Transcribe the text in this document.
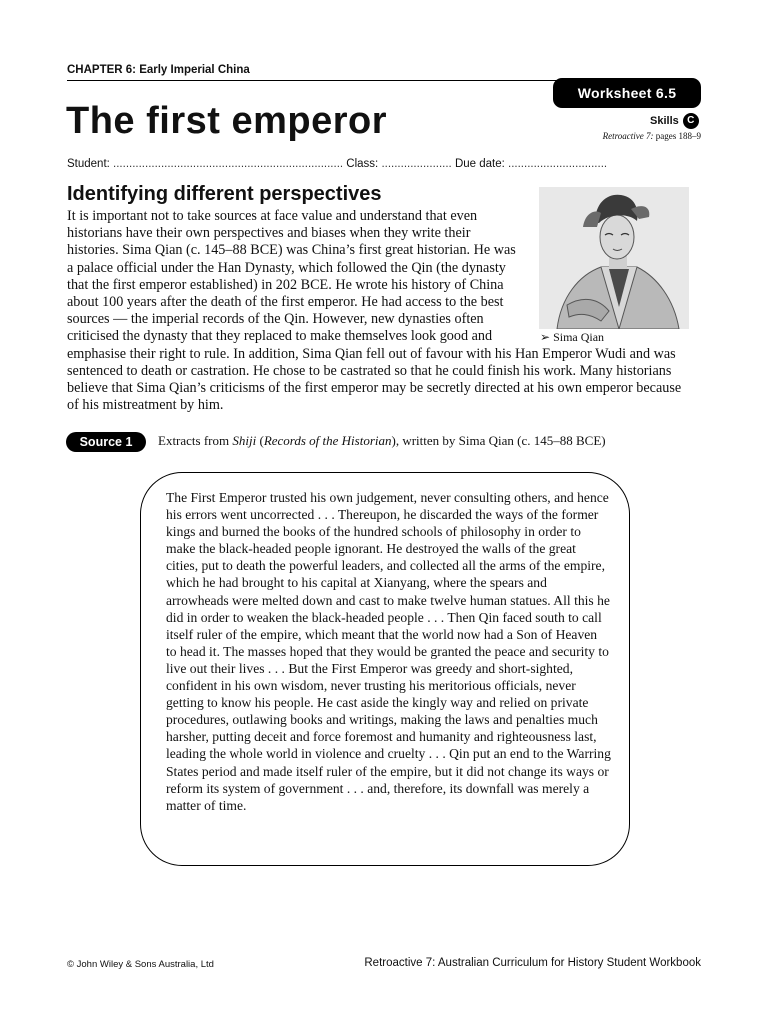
CHAPTER 6: Early Imperial China
Worksheet 6.5
The first emperor	Skills C
Retroactive 7: pages 188–9
Student: ........................................................................ Class: ...................... Due date: ...............................
Identifying different perspectives

It is important not to take sources at face value and understand that even historians have their own perspectives and biases when they write their histories. Sima Qian (c. 145–88 BCE) was China’s first great historian. He was a palace official under the Han Dynasty, which followed the Qin (the dynasty that the first emperor established) in 202 BCE. He wrote his history of China about 100 years after the death of the first emperor. He had access to the best sources — the imperial records of the Qin. However, new dynasties often criticised the dynasty that they replaced to make themselves look good and emphasise their right to rule. In addition, Sima Qian fell out of favour with his Han Emperor Wudi and was sentenced to death or castration. He chose to be castrated so that he could finish his work. Many historians believe that Sima Qian’s criticisms of the first emperor may be secretly directed at his own emperor because of his mistreatment by him.

➢ Sima Qian
Source 1	Extracts from Shiji (Records of the Historian), written by Sima Qian (c. 145–88 BCE)

The First Emperor trusted his own judgement, never consulting others, and hence his errors went uncorrected . . . Thereupon, he discarded the ways of the former kings and burned the books of the hundred schools of philosophy in order to make the black-headed people ignorant. He destroyed the walls of the great cities, put to death the powerful leaders, and collected all the arms of the empire, which he had brought to his capital at Xianyang, where the spears and arrowheads were melted down and cast to make twelve human statues. All this he did in order to weaken the black-headed people . . . Then Qin faced south to call itself ruler of the empire, which meant that the world now had a Son of Heaven to head it. The masses hoped that they would be granted the peace and security to live out their lives . . . But the First Emperor was greedy and short-sighted, confident in his own wisdom, never trusting his meritorious officials, never getting to know his people. He cast aside the kingly way and relied on private procedures, outlawing books and writings, making the laws and penalties much harsher, putting deceit and force foremost and humanity and righteousness last, leading the whole world in violence and cruelty . . . Qin put an end to the Warring States period and made itself ruler of the empire, but it did not change its ways or reform its system of government . . . and, therefore, its downfall was merely a matter of time.

© John Wiley & Sons Australia, Ltd	Retroactive 7: Australian Curriculum for History Student Workbook
